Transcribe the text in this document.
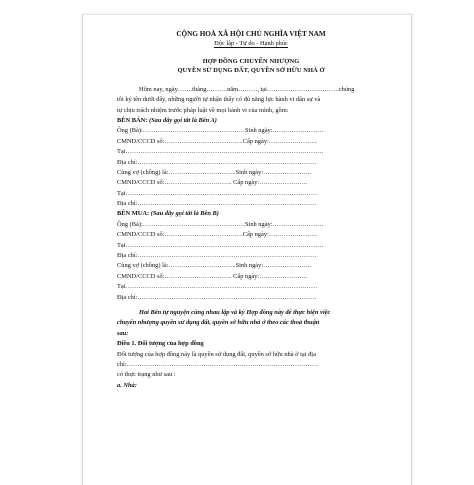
CỘNG HOÀ XÃ HỘI CHỦ NGHĨA VIỆT NAM
Độc lập - Tự do - Hạnh phúc
HỢP ĐỒNG CHUYỂN NHƯỢNG
QUYỀN SỬ DỤNG ĐẤT, QUYỀN SỞ HỮU NHÀ Ở
Hôm nay, ngày…….tháng……….năm………, tại…………………………….chúng
tôi ký tên dưới đây, những người tự nhận thấy có đủ năng lực hành vi dân sự và
tự chịu trách nhiệm trước pháp luật về mọi hành vi của mình, gồm:
BÊN BÁN: (Sau đây gọi tắt là Bên A)
Ông (Bà):…………………………………………Sinh ngày:……………………
CMND/CCCD số:……………………………….Cấp ngày:…………………..
Tại…………………………………………………………………………………
Địa chỉ:…………………………………………………………………………
Cùng vợ (chồng) là:…………………………..Sinh ngày:…………………..
CMND/CCCD số:………………………….. Cấp ngày:…………………..
Tại………………………………………………………………………………
Địa chỉ:…………………………………………………………………………
BÊN MUA: (Sau đây gọi tắt là Bên B)
Ông (Bà):…………………………………………Sinh ngày:……………………
CMND/CCCD số:……………………………….Cấp ngày:…………………..
Tại…………………………………………………………………………………
Địa chỉ:…………………………………………………………………………
Cùng vợ (chồng) là:…………………………..Sinh ngày:…………………..
CMND/CCCD số:………………………….. Cấp ngày:…………………..
Tại………………………………………………………………………………
Địa chỉ:…………………………………………………………………………
Hai Bên tự nguyện cùng nhau lập và ký Hợp đồng này để thực hiện việc
chuyển nhượng quyền sử dụng đất, quyền sở hữu nhà ở theo các thoả thuận
sau:
Điều 1. Đối tượng của hợp đồng
Đối tượng của hợp đồng này là quyền sử dụng đất, quyền sở hữu nhà ở tại địa
chỉ:………………………………………………………………………………
có thực trạng như sau :
a. Nhà:
